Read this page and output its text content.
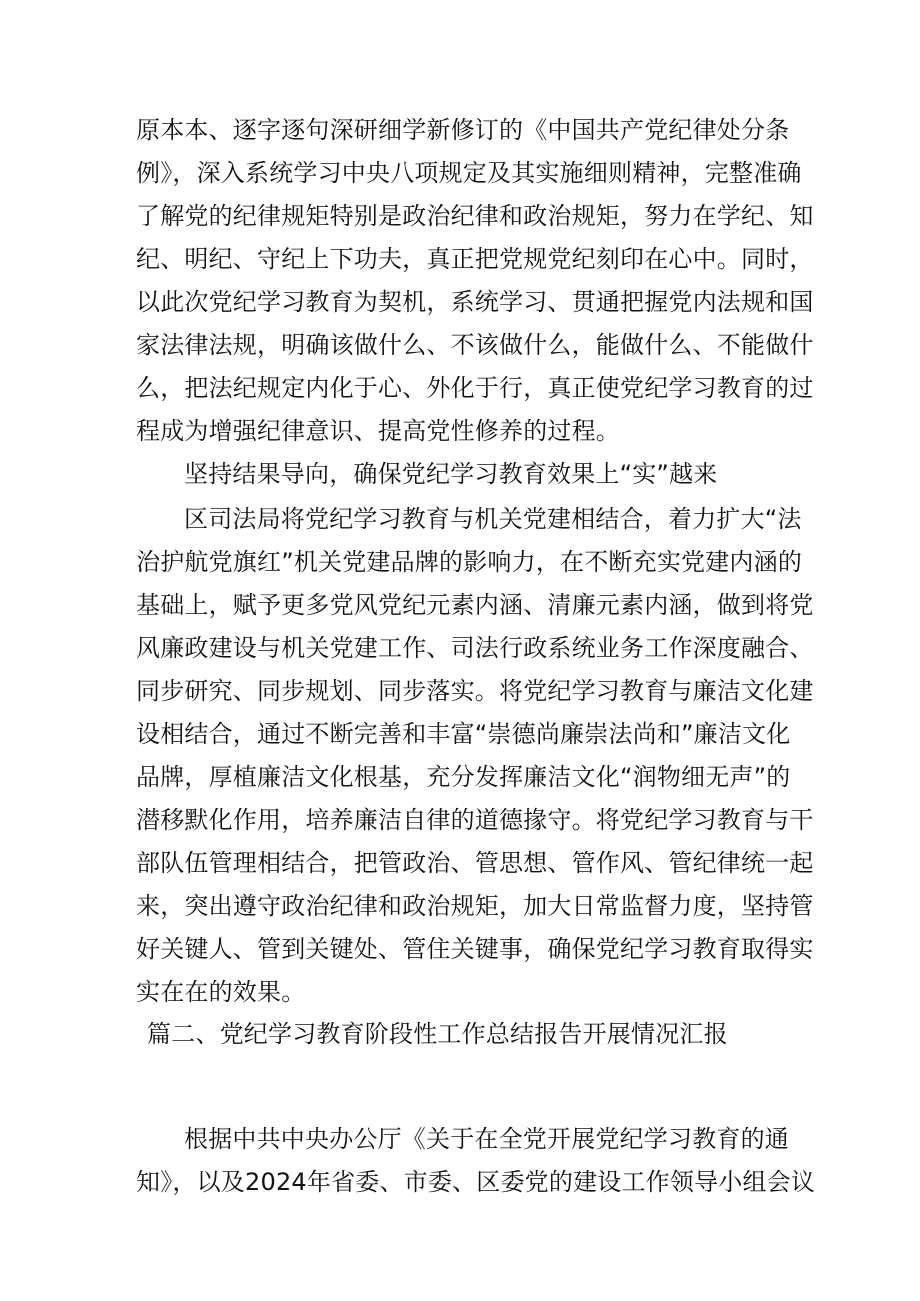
原本本、逐字逐句深研细学新修订的《中国共产党纪律处分条
例》，深入系统学习中央八项规定及其实施细则精神，完整准确
了解党的纪律规矩特别是政治纪律和政治规矩，努力在学纪、知
纪、明纪、守纪上下功夫，真正把党规党纪刻印在心中。同时，
以此次党纪学习教育为契机，系统学习、贯通把握党内法规和国
家法律法规，明确该做什么、不该做什么，能做什么、不能做什
么，把法纪规定内化于心、外化于行，真正使党纪学习教育的过
程成为增强纪律意识、提高党性修养的过程。
坚持结果导向，确保党纪学习教育效果上“实”越来
区司法局将党纪学习教育与机关党建相结合，着力扩大“法
治护航党旗红”机关党建品牌的影响力，在不断充实党建内涵的
基础上，赋予更多党风党纪元素内涵、清廉元素内涵，做到将党
风廉政建设与机关党建工作、司法行政系统业务工作深度融合、
同步研究、同步规划、同步落实。将党纪学习教育与廉洁文化建
设相结合，通过不断完善和丰富“崇德尚廉崇法尚和”廉洁文化
品牌，厚植廉洁文化根基，充分发挥廉洁文化“润物细无声”的
潜移默化作用，培养廉洁自律的道德掾守。将党纪学习教育与干
部队伍管理相结合，把管政治、管思想、管作风、管纪律统一起
来，突出遵守政治纪律和政治规矩，加大日常监督力度，坚持管
好关键人、管到关键处、管住关键事，确保党纪学习教育取得实
实在在的效果。
篇二、党纪学习教育阶段性工作总结报告开展情况汇报
根据中共中央办公厅《关于在全党开展党纪学习教育的通
知》，以及2024年省委、市委、区委党的建设工作领导小组会议
